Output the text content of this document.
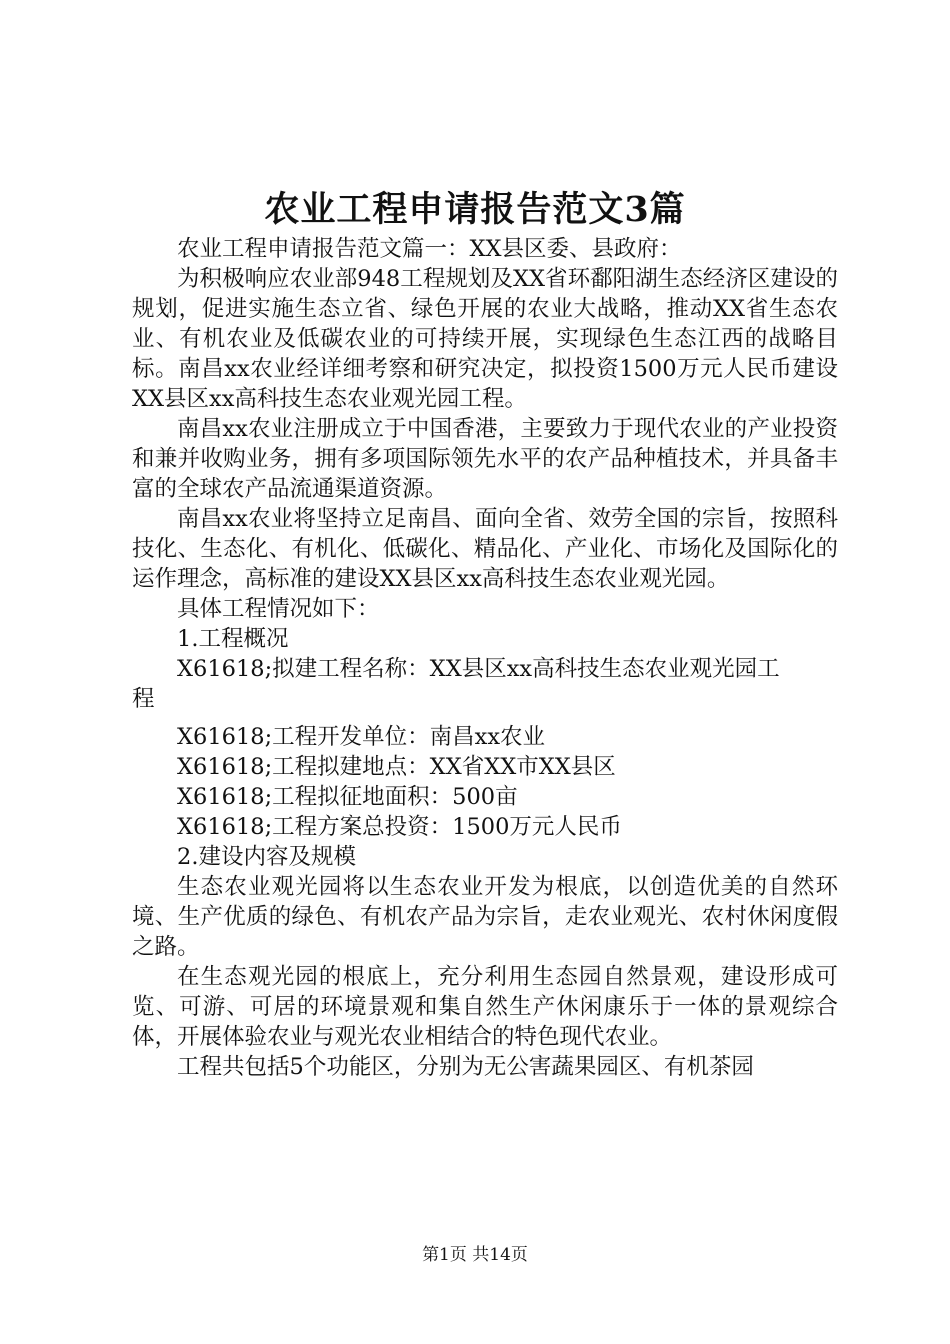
农业工程申请报告范文3篇

农业工程申请报告范文篇一：XX县区委、县政府：

为积极响应农业部948工程规划及XX省环鄱阳湖生态经济区建设的规划，促进实施生态立省、绿色开展的农业大战略，推动XX省生态农业、有机农业及低碳农业的可持续开展，实现绿色生态江西的战略目标。南昌xx农业经详细考察和研究决定，拟投资1500万元人民币建设XX县区xx高科技生态农业观光园工程。

南昌xx农业注册成立于中国香港，主要致力于现代农业的产业投资和兼并收购业务，拥有多项国际领先水平的农产品种植技术，并具备丰富的全球农产品流通渠道资源。

南昌xx农业将坚持立足南昌、面向全省、效劳全国的宗旨，按照科技化、生态化、有机化、低碳化、精品化、产业化、市场化及国际化的运作理念，高标准的建设XX县区xx高科技生态农业观光园。

具体工程情况如下：

1.工程概况

X61618;拟建工程名称：XX县区xx高科技生态农业观光园工
程

X61618;工程开发单位：南昌xx农业

X61618;工程拟建地点：XX省XX市XX县区

X61618;工程拟征地面积：500亩

X61618;工程方案总投资：1500万元人民币

2.建设内容及规模

生态农业观光园将以生态农业开发为根底，以创造优美的自然环境、生产优质的绿色、有机农产品为宗旨，走农业观光、农村休闲度假之路。

在生态观光园的根底上，充分利用生态园自然景观，建设形成可览、可游、可居的环境景观和集自然生产休闲康乐于一体的景观综合体，开展体验农业与观光农业相结合的特色现代农业。

工程共包括5个功能区，分别为无公害蔬果园区、有机茶园

第1页 共14页
